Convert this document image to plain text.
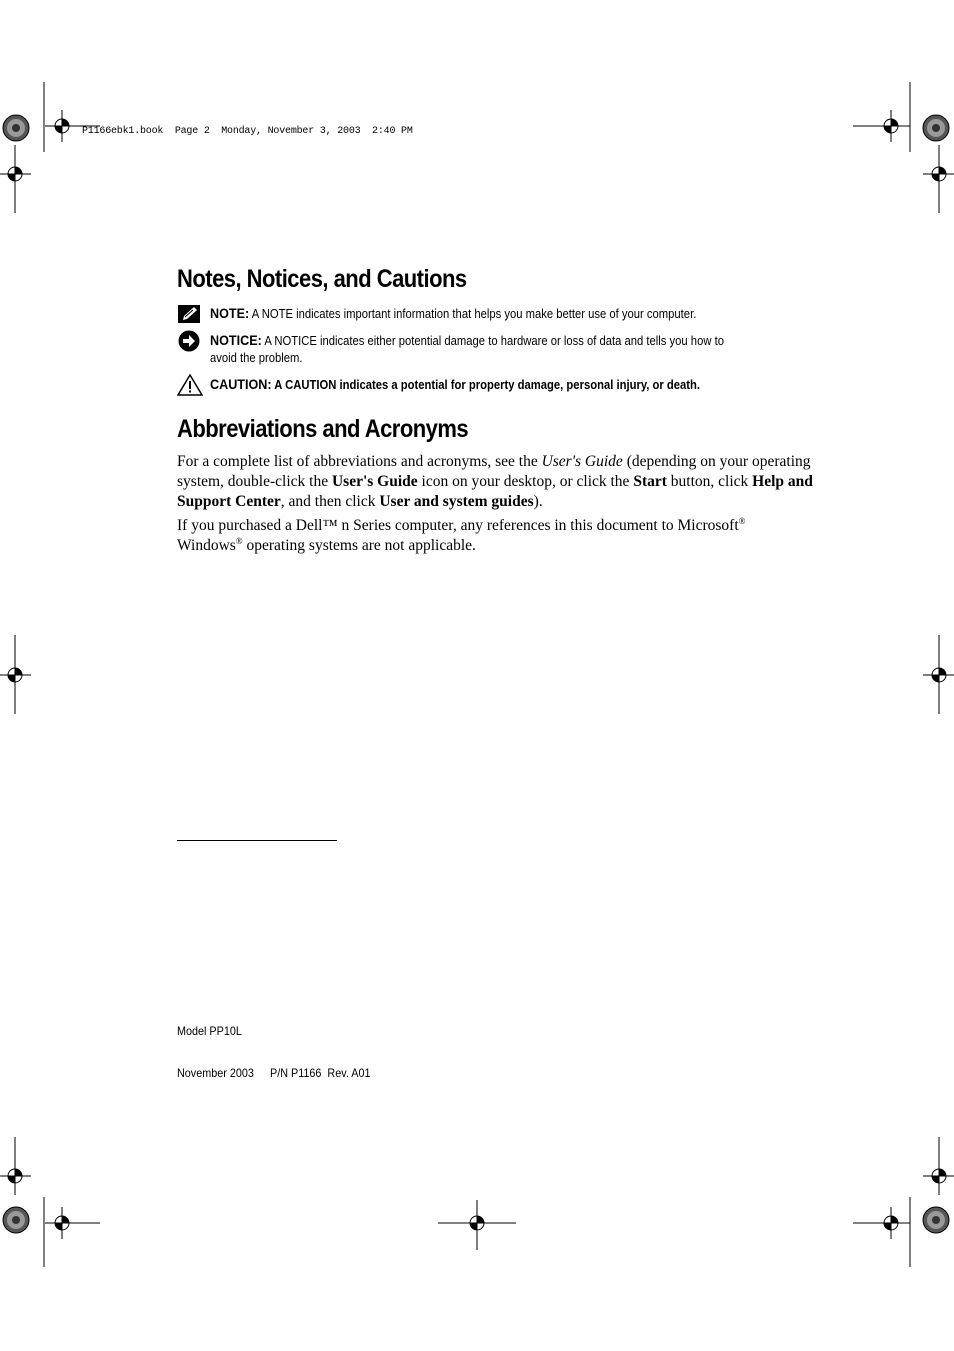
P1166ebk1.book  Page 2  Monday, November 3, 2003  2:40 PM
Notes, Notices, and Cautions
NOTE: A NOTE indicates important information that helps you make better use of your computer.
NOTICE: A NOTICE indicates either potential damage to hardware or loss of data and tells you how to
avoid the problem.
CAUTION: A CAUTION indicates a potential for property damage, personal injury, or death.
Abbreviations and Acronyms

For a complete list of abbreviations and acronyms, see the User's Guide (depending on your operating system, double-click the User's Guide icon on your desktop, or click the Start button, click Help and Support Center, and then click User and system guides).

If you purchased a Dell™ n Series computer, any references in this document to Microsoft®
Windows® operating systems are not applicable.

Model PP10L
November 2003 P/N P1166  Rev. A01
